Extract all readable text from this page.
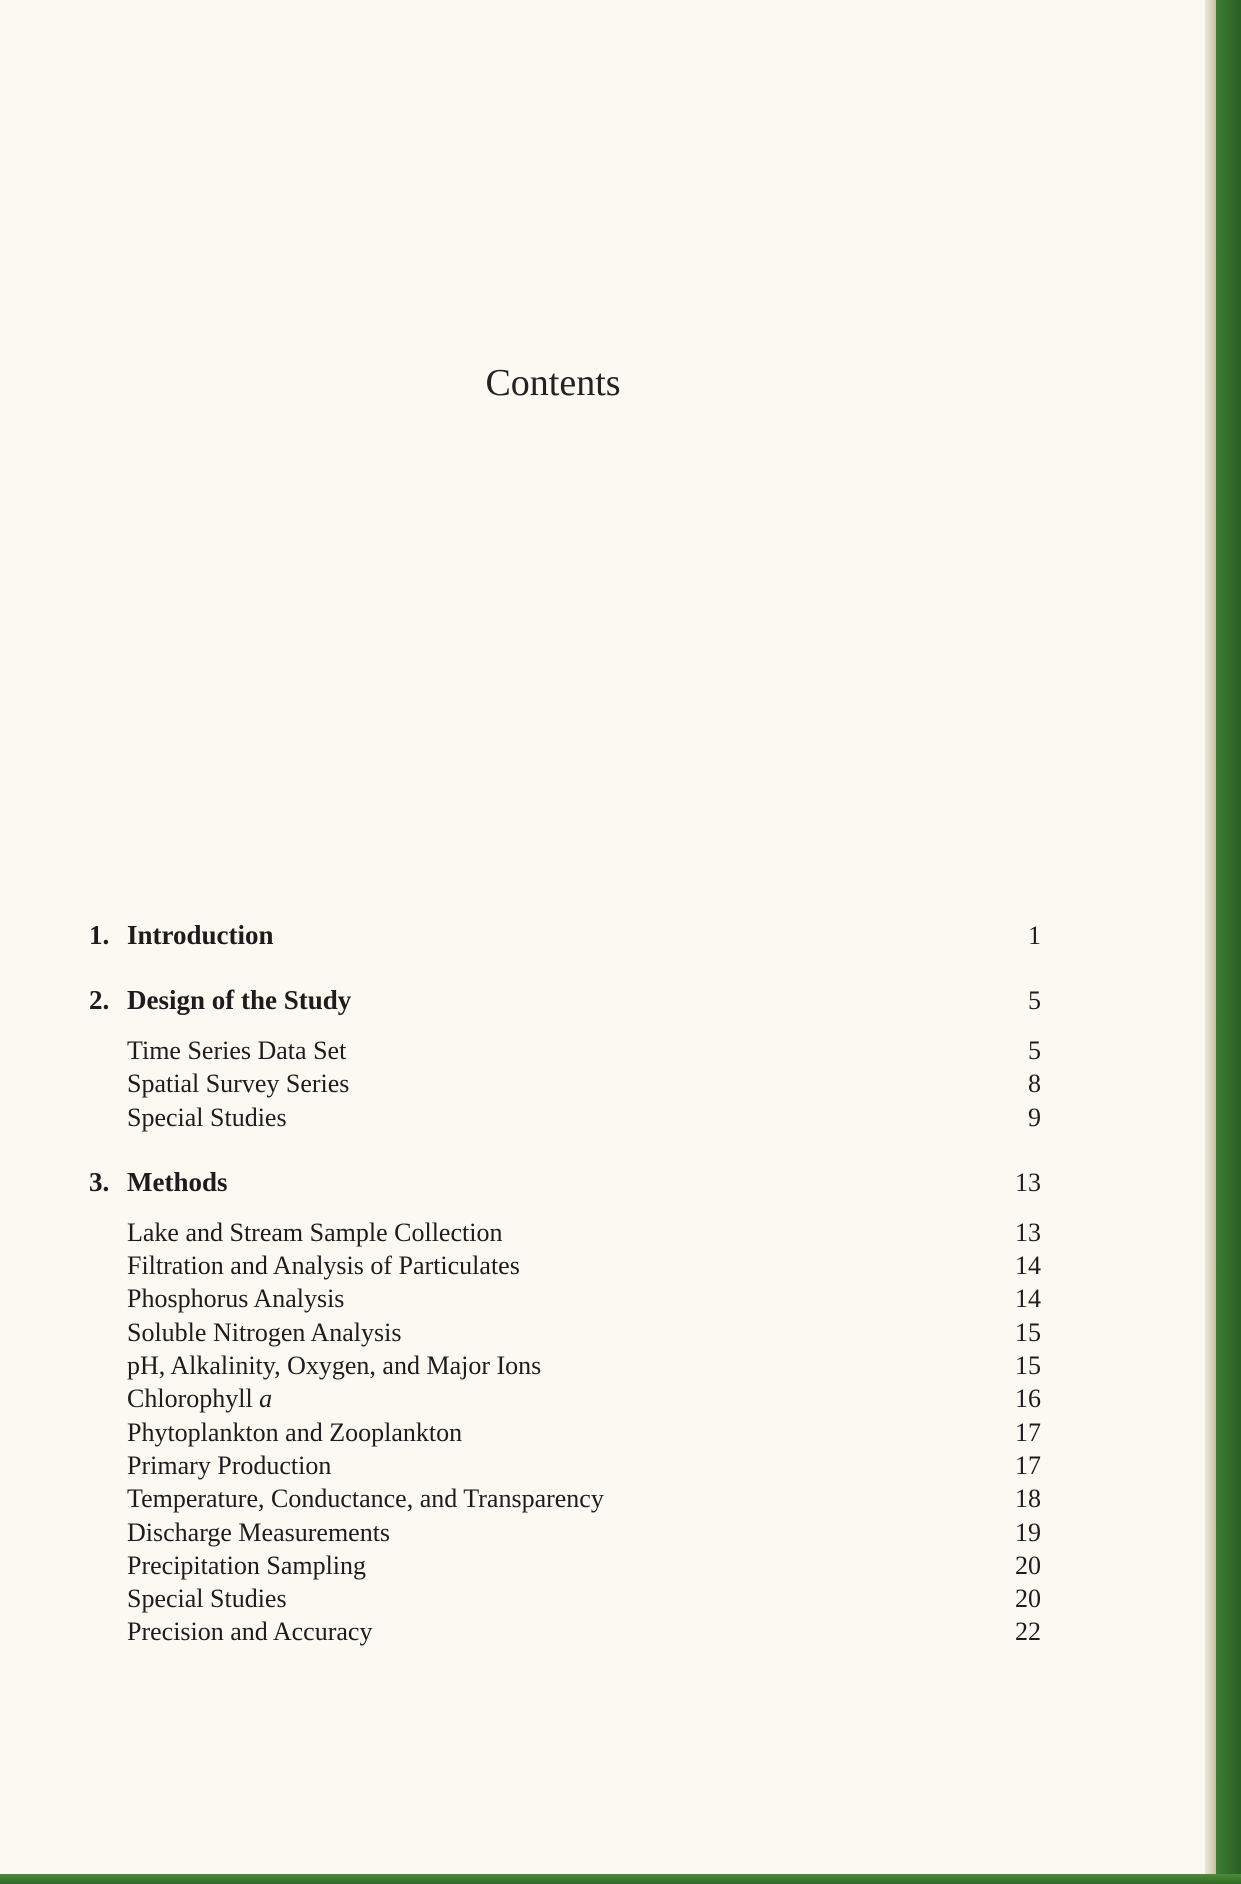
Contents
1. Introduction	1
2. Design of the Study	5
Time Series Data Set	5
Spatial Survey Series	8
Special Studies	9
3. Methods	13
Lake and Stream Sample Collection	13
Filtration and Analysis of Particulates	14
Phosphorus Analysis	14
Soluble Nitrogen Analysis	15
pH, Alkalinity, Oxygen, and Major Ions	15
Chlorophyll a	16
Phytoplankton and Zooplankton	17
Primary Production	17
Temperature, Conductance, and Transparency	18
Discharge Measurements	19
Precipitation Sampling	20
Special Studies	20
Precision and Accuracy	22
